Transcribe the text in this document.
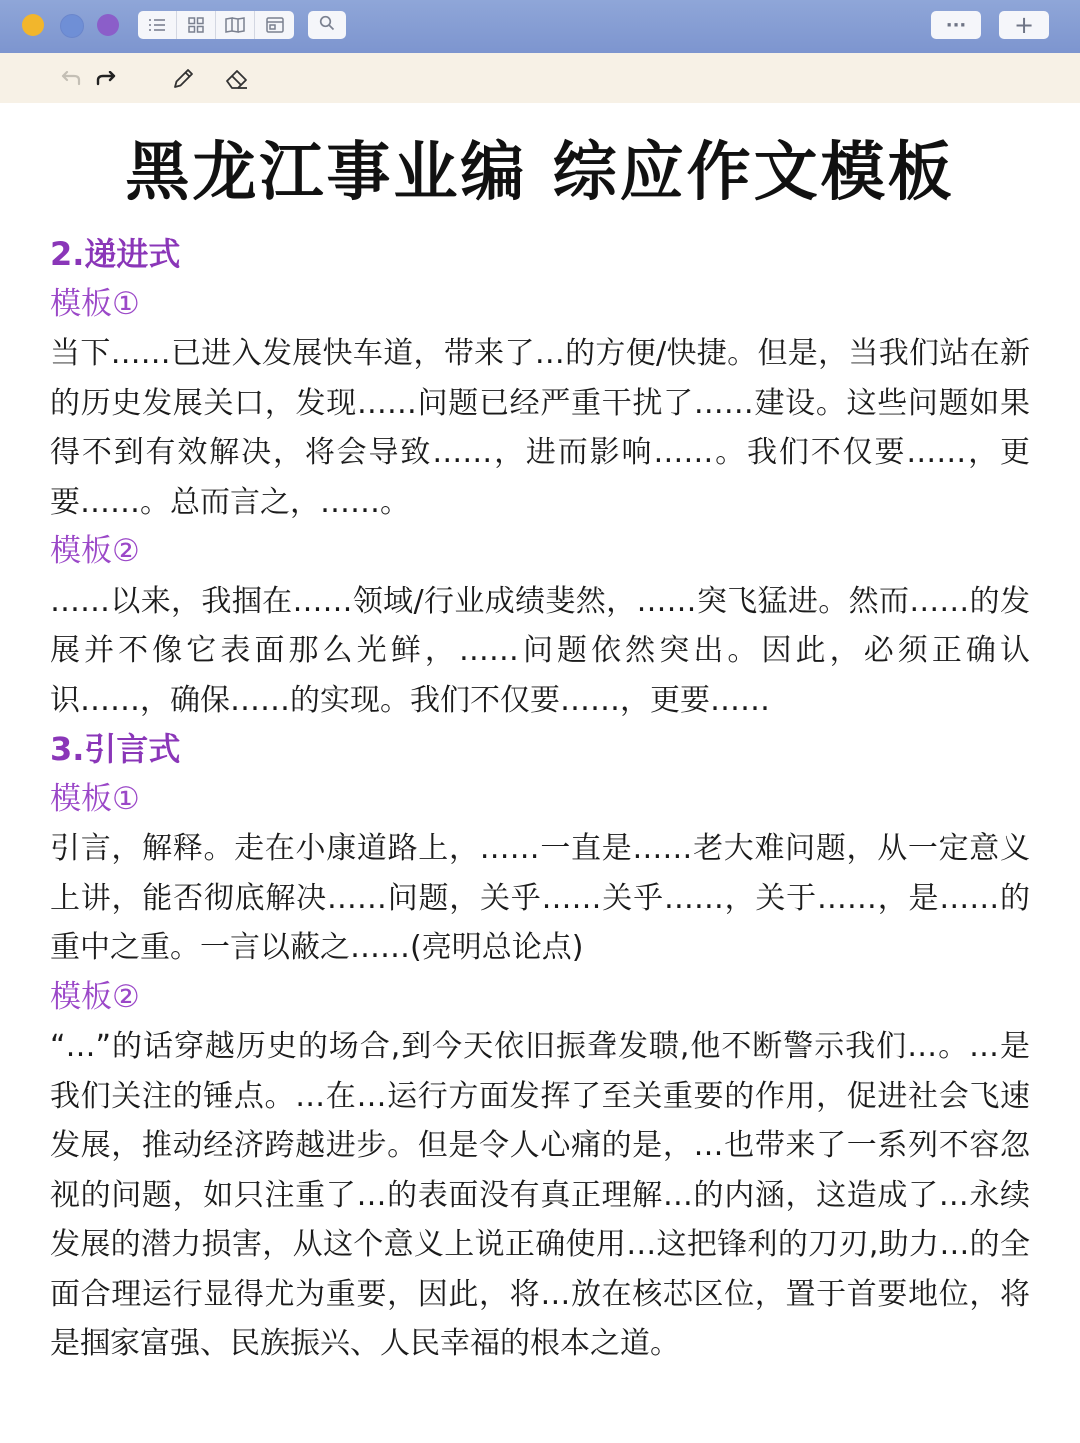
··· +
黑龙江事业编 综应作文模板
2.递进式
模板①
当下……已进入发展快车道，带来了…的方便/快捷。但是，当我们站在新的历史发展关口，发现……问题已经严重干扰了……建设。这些问题如果得不到有效解决，将会导致……，进而影响……。我们不仅要……，更要……。总而言之，……。
模板②
……以来，我掴在……领域/行业成绩斐然，……突飞猛进。然而……的发展并不像它表面那么光鲜，……问题依然突出。因此，必须正确认识……，确保……的实现。我们不仅要……，更要……
3.引言式
模板①
引言，解释。走在小康道路上，……一直是……老大难问题，从一定意义上讲，能否彻底解决……问题，关乎……关乎……，关于……，是……的重中之重。一言以蔽之……(亮明总论点)
模板②
“…”的话穿越历史的场合,到今天依旧振聋发聩,他不断警示我们…。…是我们关注的锤点。…在…运行方面发挥了至关重要的作用，促进社会飞速发展，推动经济跨越进步。但是令人心痛的是，…也带来了一系列不容忽视的问题，如只注重了…的表面没有真正理解…的内涵，这造成了…永续发展的潜力损害，从这个意义上说正确使用…这把锋利的刀刃,助力…的全面合理运行显得尤为重要，因此，将…放在核芯区位，置于首要地位，将是掴家富强、民族振兴、人民幸福的根本之道。
